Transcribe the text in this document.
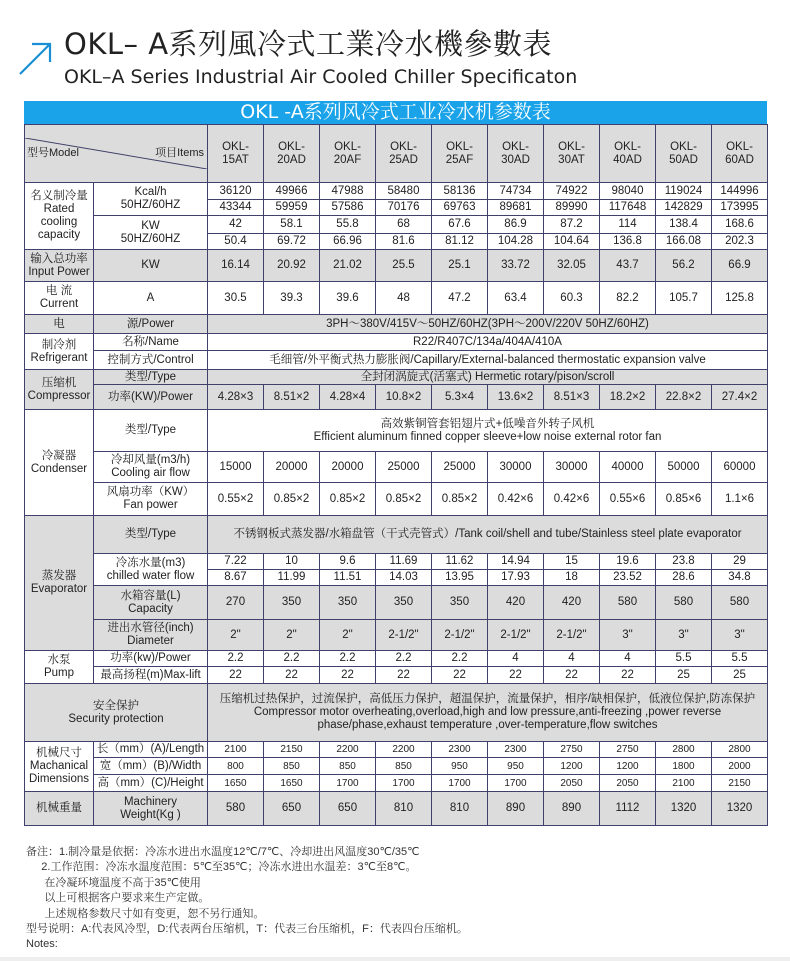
OKL– A系列風冷式工業冷水機參數表
OKL–A Series Industrial Air Cooled Chiller Specificaton
OKL -A系列风冷式工业冷水机参数表

型号Model 项目Items		OKL-
15AT	OKL-
20AD	OKL-
20AF	OKL-
25AD	OKL-
25AF	OKL-
30AD	OKL-
30AT	OKL-
40AD	OKL-
50AD	OKL-
60AD
名义制冷量
Rated
cooling
capacity	Kcal/h
50HZ/60HZ	36120	49966	47988	58480	58136	74734	74922	98040	119024	144996
		43344	59959	57586	70176	69763	89681	89990	117648	142829	173995
	KW
50HZ/60HZ	42	58.1	55.8	68	67.6	86.9	87.2	114	138.4	168.6
		50.4	69.72	66.96	81.6	81.12	104.28	104.64	136.8	166.08	202.3
输入总功率
Input Power	KW	16.14	20.92	21.02	25.5	25.1	33.72	32.05	43.7	56.2	66.9
电 流
Current	A	30.5	39.3	39.6	48	47.2	63.4	60.3	82.2	105.7	125.8
电	源/Power	3PH～380V/415V～50HZ/60HZ(3PH～200V/220V 50HZ/60HZ)									
制冷剂
Refrigerant	名称/Name	R22/R407C/134a/404A/410A									
	控制方式/Control	毛细管/外平衡式热力膨胀阀/Capillary/External-balanced thermostatic expansion valve									
压缩机
Compressor	类型/Type	全封闭涡旋式(活塞式) Hermetic rotary/pison/scroll									
	功率(KW)/Power	4.28×3	8.51×2	4.28×4	10.8×2	5.3×4	13.6×2	8.51×3	18.2×2	22.8×2	27.4×2
冷凝器
Condenser	类型/Type	高效紫铜管套铝翅片式+低噪音外转子风机
Efficient aluminum finned copper sleeve+low noise external rotor fan									
	冷却风量(m3/h)
Cooling air flow	15000	20000	20000	25000	25000	30000	30000	40000	50000	60000
	风扇功率（KW）
Fan power	0.55×2	0.85×2	0.85×2	0.85×2	0.85×2	0.42×6	0.42×6	0.55×6	0.85×6	1.1×6
蒸发器
Evaporator	类型/Type	不锈钢板式蒸发器/水箱盘管（干式壳管式）/Tank coil/shell and tube/Stainless steel plate evaporator									
	冷冻水量(m3)
chilled water flow	7.22	10	9.6	11.69	11.62	14.94	15	19.6	23.8	29
		8.67	11.99	11.51	14.03	13.95	17.93	18	23.52	28.6	34.8
	水箱容量(L)
Capacity	270	350	350	350	350	420	420	580	580	580
	进出水管径(inch)
Diameter	2"	2"	2"	2-1/2"	2-1/2"	2-1/2"	2-1/2"	3"	3"	3"
水泵
Pump	功率(kw)/Power	2.2	2.2	2.2	2.2	2.2	4	4	4	5.5	5.5
	最高扬程(m)Max-lift	22	22	22	22	22	22	22	22	25	25
安全保护
Security protection		压缩机过热保护，过流保护，高低压力保护，超温保护，流量保护，相序/缺相保护，低液位保护,防冻保护
Compressor motor overheating,overload,high and low pressure,anti-freezing ,power reverse
phase/phase,exhaust temperature ,over-temperature,flow switches									
机械尺寸
Machanical
Dimensions	长（mm）(A)/Length	2100	2150	2200	2200	2300	2300	2750	2750	2800	2800
	宽（mm）(B)/Width	800	850	850	850	950	950	1200	1200	1800	2000
	高（mm）(C)/Height	1650	1650	1700	1700	1700	1700	2050	2050	2100	2150
机械重量	Machinery
Weight(Kg )	580	650	650	810	810	890	890	1112	1320	1320
备注：1.制冷量是依据：冷冻水进出水温度12℃/7℃、冷却进出风温度30℃/35℃
2.工作范围：冷冻水温度范围：5℃至35℃；冷冻水进出水温差：3℃至8℃。
在冷凝环境温度不高于35℃使用
以上可根据客户要求来生产定做。
上述规格参数尺寸如有变更，恕不另行通知。
型号说明：A:代表风冷型，D:代表两台压缩机，T：代表三台压缩机，F：代表四台压缩机。
Notes:
